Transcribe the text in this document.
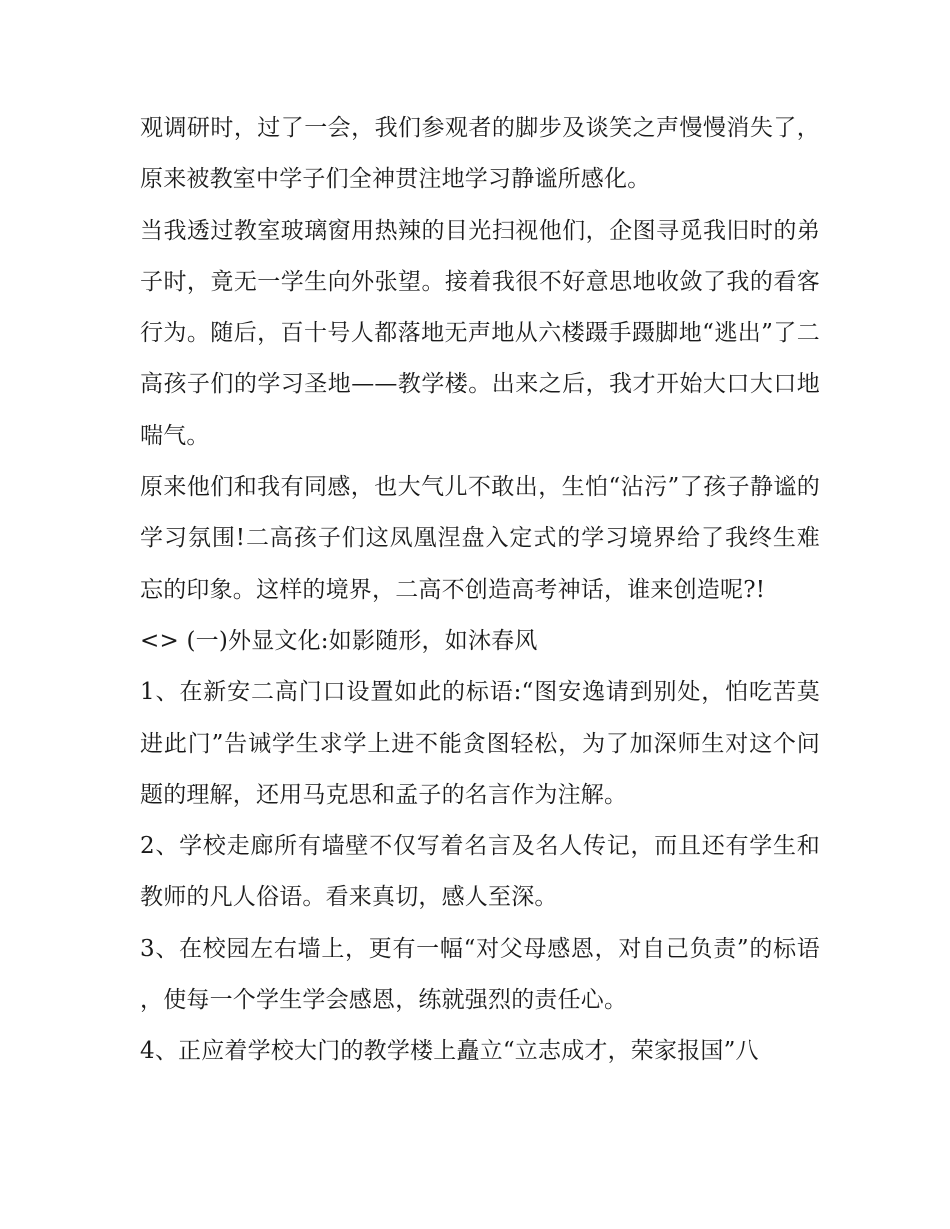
观调研时，过了一会，我们参观者的脚步及谈笑之声慢慢消失了，原来被教室中学子们全神贯注地学习静谧所感化。

当我透过教室玻璃窗用热辣的目光扫视他们，企图寻觅我旧时的弟子时，竟无一学生向外张望。接着我很不好意思地收敛了我的看客行为。随后，百十号人都落地无声地从六楼蹑手蹑脚地“逃出”了二高孩子们的学习圣地——教学楼。出来之后，我才开始大口大口地喘气。

原来他们和我有同感，也大气儿不敢出，生怕“沾污”了孩子静谧的学习氛围!二高孩子们这凤凰涅盘入定式的学习境界给了我终生难忘的印象。这样的境界，二高不创造高考神话，谁来创造呢?!

<> (一)外显文化:如影随形，如沐春风

1、在新安二高门口设置如此的标语:“图安逸请到别处，怕吃苦莫进此门”告诫学生求学上进不能贪图轻松，为了加深师生对这个问题的理解，还用马克思和孟子的名言作为注解。

2、学校走廊所有墙壁不仅写着名言及名人传记，而且还有学生和教师的凡人俗语。看来真切，感人至深。

3、在校园左右墙上，更有一幅“对父母感恩，对自己负责”的标语，使每一个学生学会感恩，练就强烈的责任心。

4、正应着学校大门的教学楼上矗立“立志成才，荣家报国”八
